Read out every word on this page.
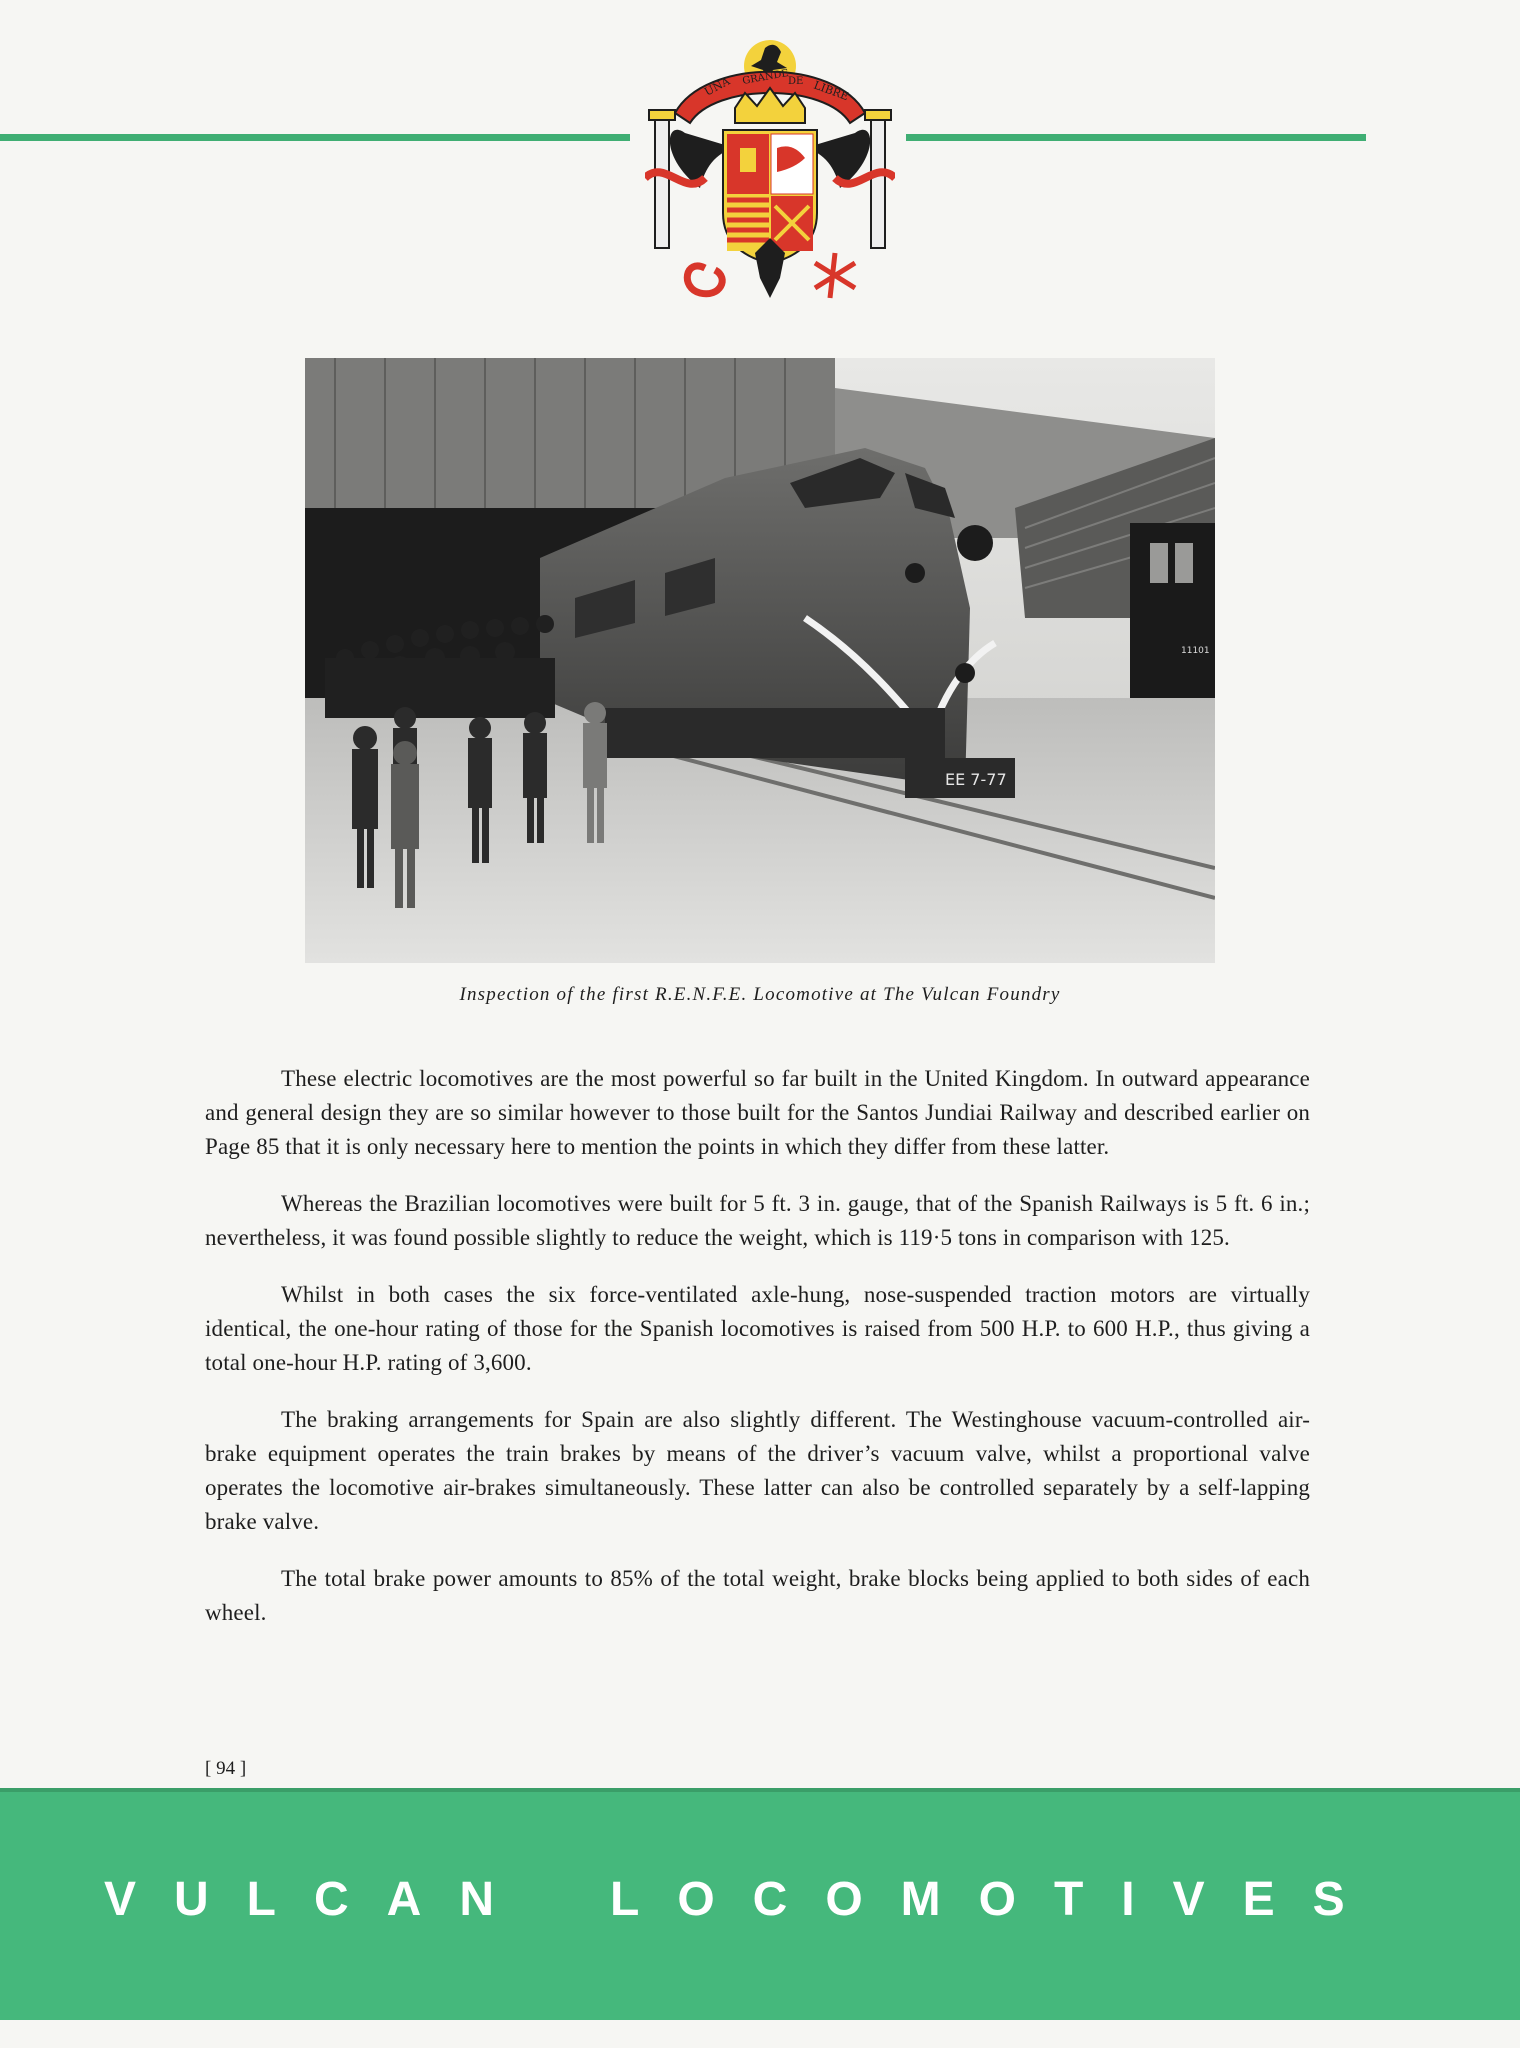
UNA GRANDE
DE LIBRE
11101
EE 7-77
Inspection of the first R.E.N.F.E. Locomotive at The Vulcan Foundry

These electric locomotives are the most powerful so far built in the United Kingdom. In outward appearance and general design they are so similar however to those built for the Santos Jundiai Railway and described earlier on Page 85 that it is only necessary here to mention the points in which they differ from these latter.

Whereas the Brazilian locomotives were built for 5 ft. 3 in. gauge, that of the Spanish Railways is 5 ft. 6 in.; nevertheless, it was found possible slightly to reduce the weight, which is 119·5 tons in comparison with 125.

Whilst in both cases the six force-ventilated axle-hung, nose-suspended traction motors are virtually identical, the one-hour rating of those for the Spanish locomotives is raised from 500 H.P. to 600 H.P., thus giving a total one-hour H.P. rating of 3,600.

The braking arrangements for Spain are also slightly different. The Westinghouse vacuum-controlled air-brake equipment operates the train brakes by means of the driver’s vacuum valve, whilst a proportional valve operates the locomotive air-brakes simultaneously. These latter can also be controlled separately by a self-lapping brake valve.

The total brake power amounts to 85% of the total weight, brake blocks being applied to both sides of each wheel.

[ 94 ]
VULCAN LOCOMOTIVES
